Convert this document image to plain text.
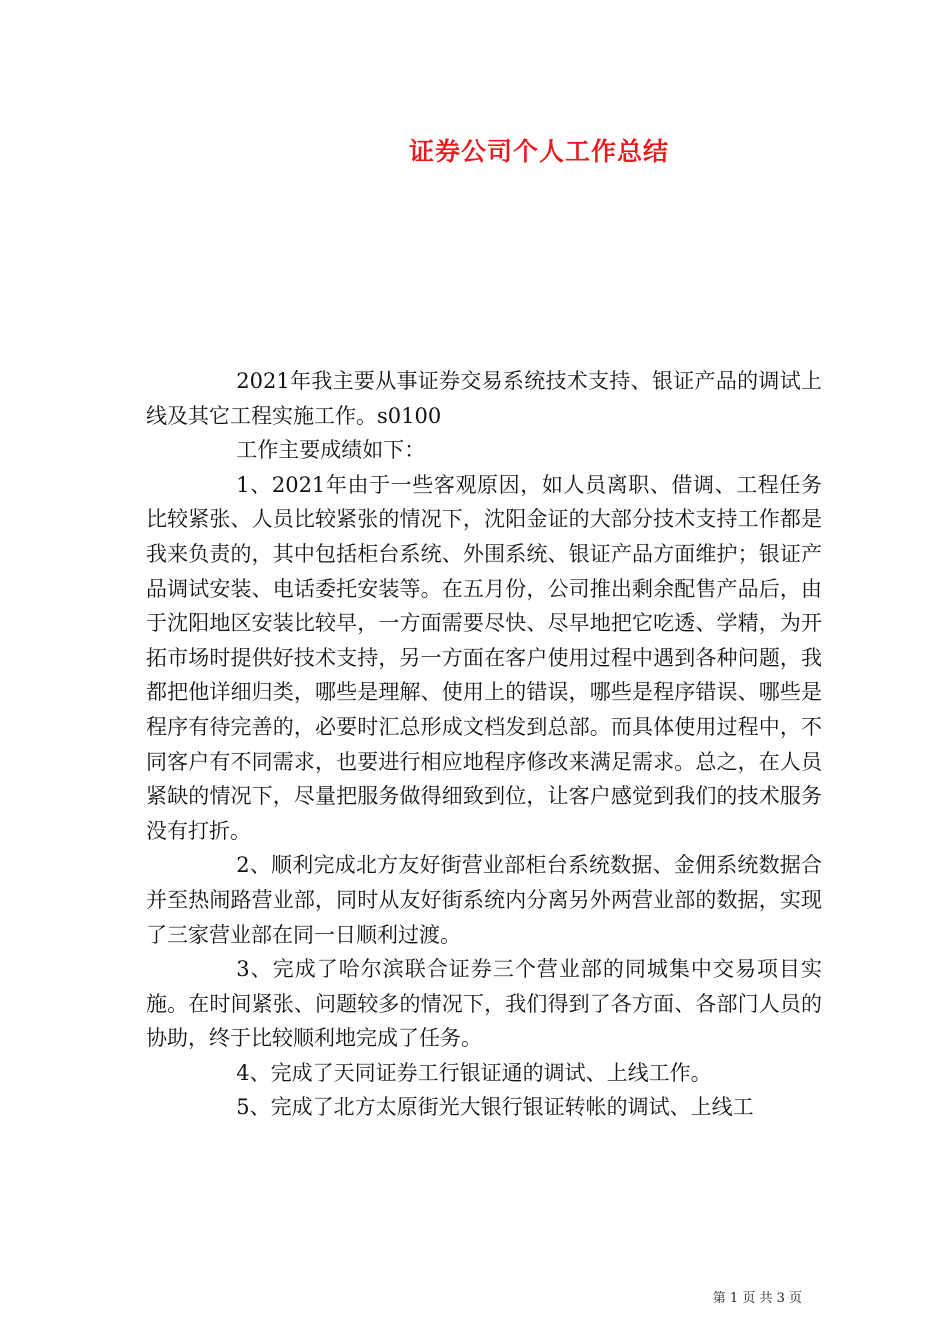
证券公司个人工作总结

2021年我主要从事证券交易系统技术支持、银证产品的调试上线及其它工程实施工作。s0100

工作主要成绩如下：

1、2021年由于一些客观原因，如人员离职、借调、工程任务比较紧张、人员比较紧张的情况下，沈阳金证的大部分技术支持工作都是我来负责的，其中包括柜台系统、外围系统、银证产品方面维护；银证产品调试安装、电话委托安装等。在五月份，公司推出剩余配售产品后，由于沈阳地区安装比较早，一方面需要尽快、尽早地把它吃透、学精，为开拓市场时提供好技术支持，另一方面在客户使用过程中遇到各种问题，我都把他详细归类，哪些是理解、使用上的错误，哪些是程序错误、哪些是程序有待完善的，必要时汇总形成文档发到总部。而具体使用过程中，不同客户有不同需求，也要进行相应地程序修改来满足需求。总之，在人员紧缺的情况下，尽量把服务做得细致到位，让客户感觉到我们的技术服务没有打折。

2、顺利完成北方友好街营业部柜台系统数据、金佣系统数据合并至热闹路营业部，同时从友好街系统内分离另外两营业部的数据，实现了三家营业部在同一日顺利过渡。

3、完成了哈尔滨联合证券三个营业部的同城集中交易项目实施。在时间紧张、问题较多的情况下，我们得到了各方面、各部门人员的协助，终于比较顺利地完成了任务。

4、完成了天同证券工行银证通的调试、上线工作。

5、完成了北方太原街光大银行银证转帐的调试、上线工

第 1 页 共 3 页
